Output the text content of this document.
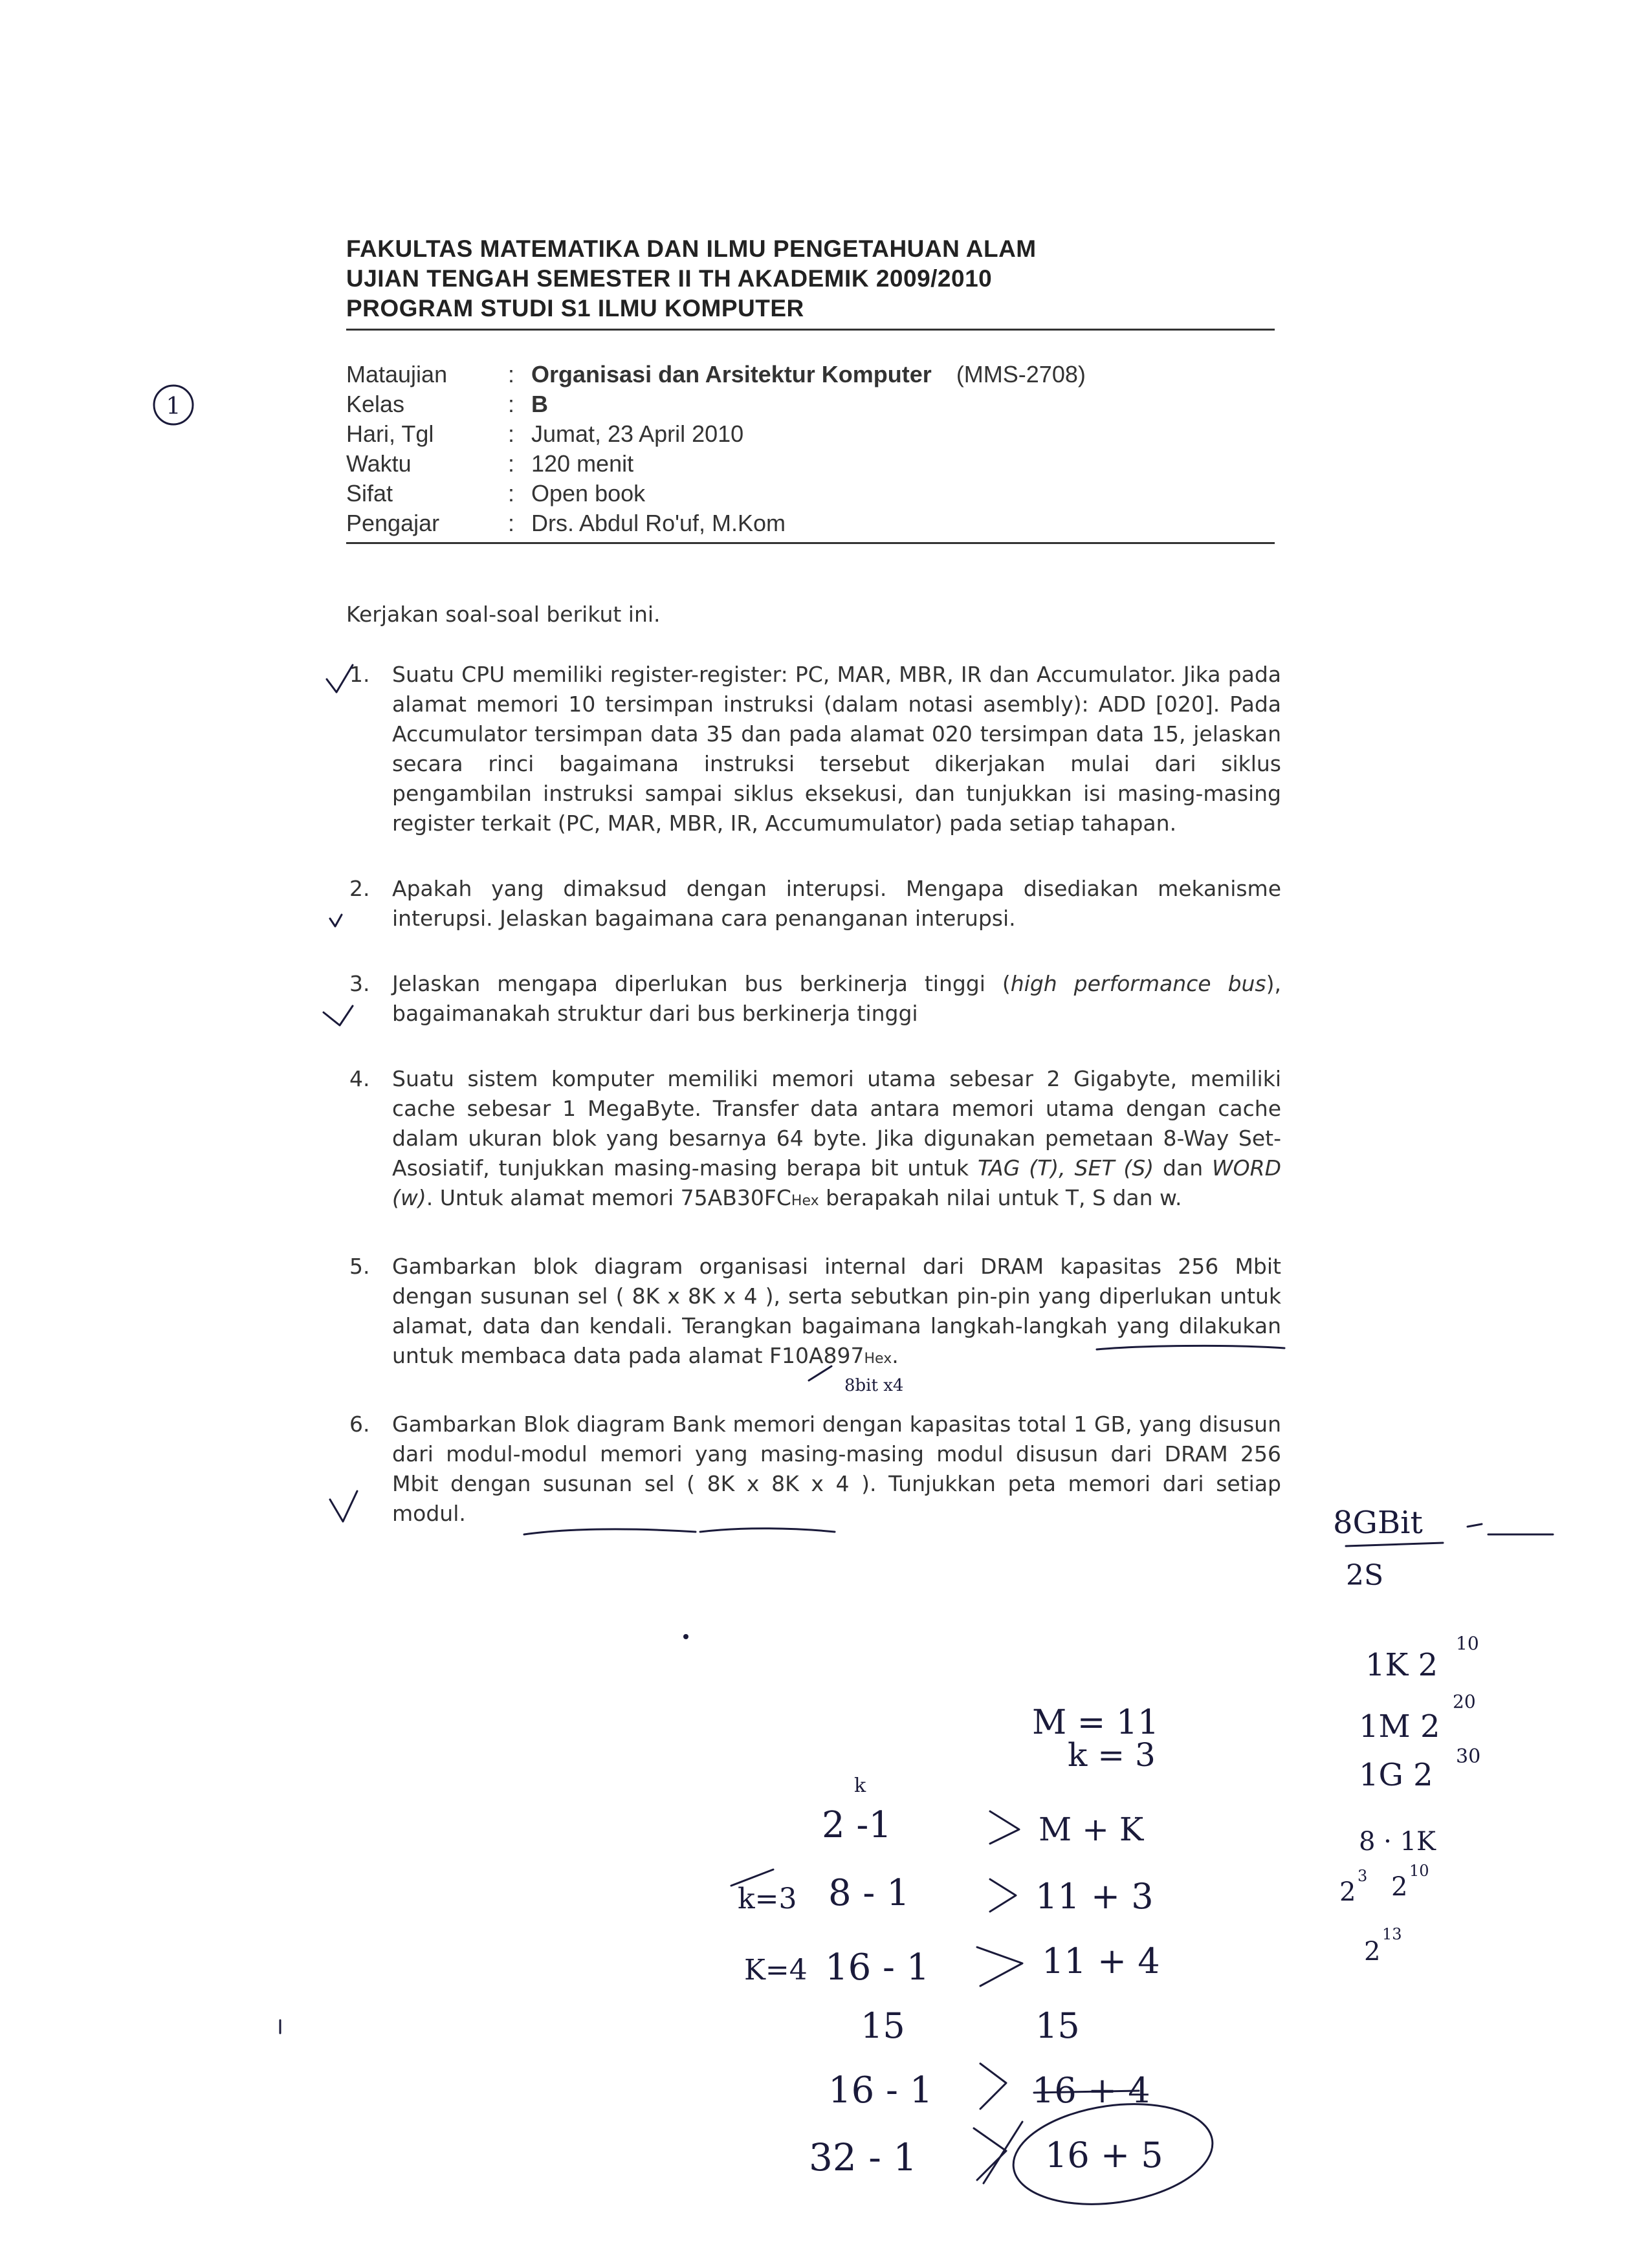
FAKULTAS MATEMATIKA DAN ILMU PENGETAHUAN ALAM
UJIAN TENGAH SEMESTER II TH AKADEMIK 2009/2010
PROGRAM STUDI S1 ILMU KOMPUTER
Mataujian	: Organisasi dan Arsitektur Komputer (MMS-2708)
Kelas	: B
Hari, Tgl	: Jumat, 23 April 2010
Waktu	: 120 menit
Sifat	: Open book
Pengajar	: Drs. Abdul Ro'uf, M.Kom
Kerjakan soal-soal berikut ini.
1.	Suatu CPU memiliki register-register: PC, MAR, MBR, IR dan Accumulator. Jika pada alamat memori 10 tersimpan instruksi (dalam notasi asembly): ADD [020]. Pada Accumulator tersimpan data 35 dan pada alamat 020 tersimpan data 15, jelaskan secara rinci bagaimana instruksi tersebut dikerjakan mulai dari siklus pengambilan instruksi sampai siklus eksekusi, dan tunjukkan isi masing-masing register terkait (PC, MAR, MBR, IR, Accumumulator) pada setiap tahapan.
2.	Apakah yang dimaksud dengan interupsi. Mengapa disediakan mekanisme interupsi. Jelaskan bagaimana cara penanganan interupsi.
3.	Jelaskan mengapa diperlukan bus berkinerja tinggi (high performance bus), bagaimanakah struktur dari bus berkinerja tinggi
4.	Suatu sistem komputer memiliki memori utama sebesar 2 Gigabyte, memiliki cache sebesar 1 MegaByte. Transfer data antara memori utama dengan cache dalam ukuran blok yang besarnya 64 byte. Jika digunakan pemetaan 8-Way Set-Asosiatif, tunjukkan masing-masing berapa bit untuk TAG (T), SET (S) dan WORD (w). Untuk alamat memori 75AB30FCHex berapakah nilai untuk T, S dan w.
5.	Gambarkan blok diagram organisasi internal dari DRAM kapasitas 256 Mbit dengan susunan sel ( 8K x 8K x 4 ), serta sebutkan pin-pin yang diperlukan untuk alamat, data dan kendali. Terangkan bagaimana langkah-langkah yang dilakukan untuk membaca data pada alamat F10A897Hex.
6.	Gambarkan Blok diagram Bank memori dengan kapasitas total 1 GB, yang disusun dari modul-modul memori yang masing-masing modul disusun dari DRAM 256 Mbit dengan susunan sel ( 8K x 8K x 4 ). Tunjukkan peta memori dari setiap modul.
1
8bit x4
8GBit
2S
1K 2
10
1M 2
20
1G 2
30
8 · 1K
2
3 2
10
2
13
M = 11
k = 3
k
2 -1	M + K
k=3 8 - 1	11 + 3
K=4 16 - 1	11 + 4
15	15
16 - 1	16 + 4
32 - 1	16 + 5
